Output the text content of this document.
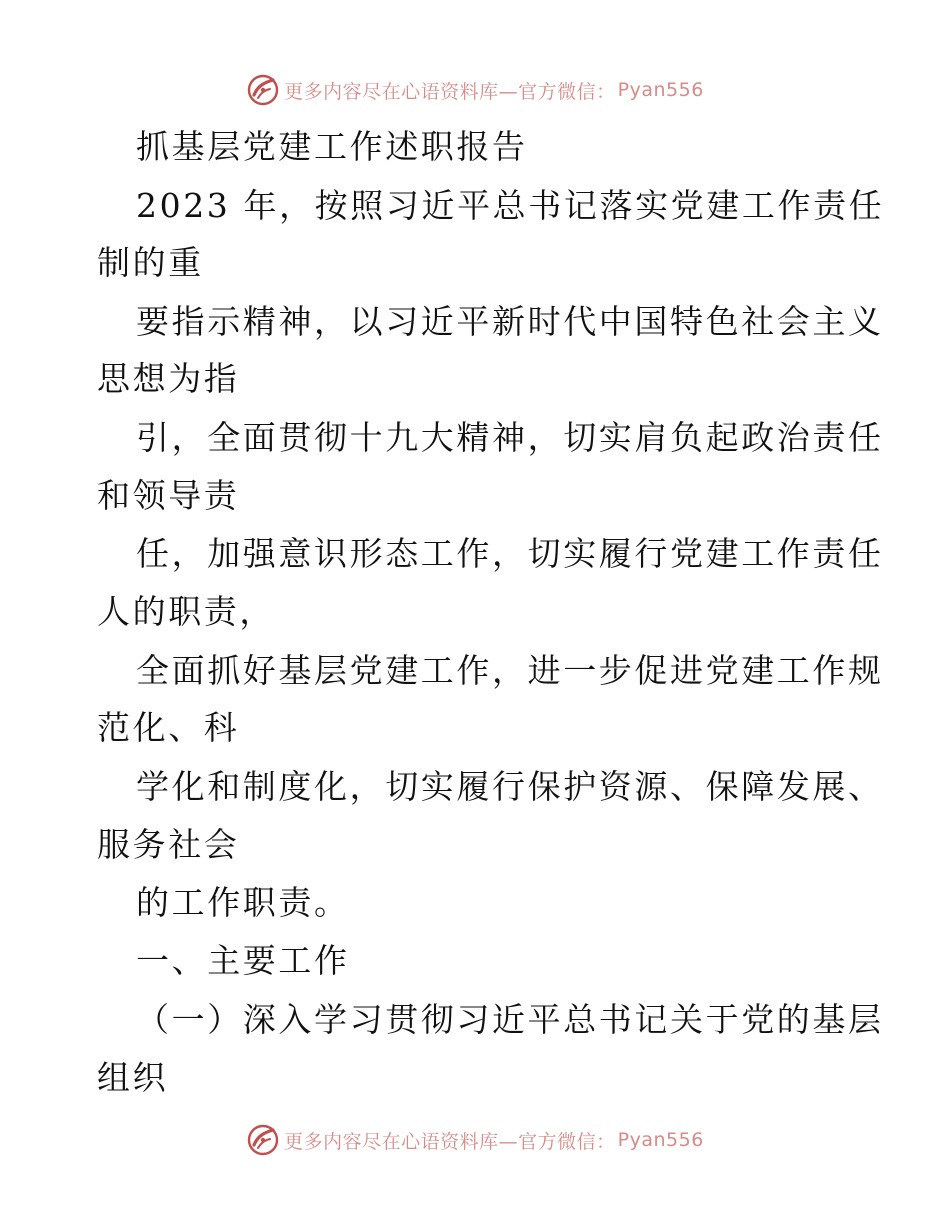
更多内容尽在心语资料库—官方微信： Pyan556
抓基层党建工作述职报告
2023 年，按照习近平总书记落实党建工作责任
制的重
要指示精神，以习近平新时代中国特色社会主义
思想为指
引，全面贯彻十九大精神，切实肩负起政治责任
和领导责
任，加强意识形态工作，切实履行党建工作责任
人的职责，
全面抓好基层党建工作，进一步促进党建工作规
范化、科
学化和制度化，切实履行保护资源、保障发展、
服务社会
的工作职责。
一、主要工作
（一）深入学习贯彻习近平总书记关于党的基层
组织
更多内容尽在心语资料库—官方微信： Pyan556
